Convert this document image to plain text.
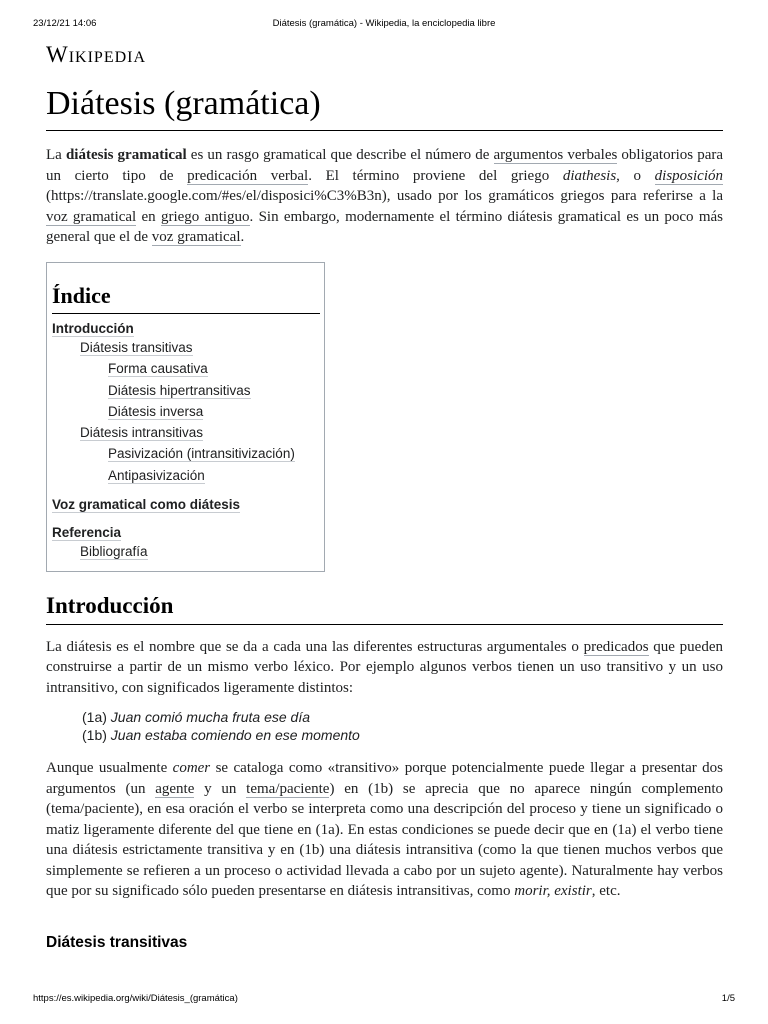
23/12/21 14:06	Diátesis (gramática) - Wikipedia, la enciclopedia libre
Wikipedia
Diátesis (gramática)

La diátesis gramatical es un rasgo gramatical que describe el número de argumentos verbales obligatorios para un cierto tipo de predicación verbal. El término proviene del griego diathesis, o disposición (https://translate.google.com/#es/el/disposici%C3%B3n), usado por los gramáticos griegos para referirse a la voz gramatical en griego antiguo. Sin embargo, modernamente el término diátesis gramatical es un poco más general que el de voz gramatical.

Índice
Introducción
Diátesis transitivas
Forma causativa
Diátesis hipertransitivas
Diátesis inversa
Diátesis intransitivas
Pasivización (intransitivización)
Antipasivización
Voz gramatical como diátesis
Referencia
Bibliografía
Introducción

La diátesis es el nombre que se da a cada una las diferentes estructuras argumentales o predicados que pueden construirse a partir de un mismo verbo léxico. Por ejemplo algunos verbos tienen un uso transitivo y un uso intransitivo, con significados ligeramente distintos:

(1a) Juan comió mucha fruta ese día
(1b) Juan estaba comiendo en ese momento

Aunque usualmente comer se cataloga como «transitivo» porque potencialmente puede llegar a presentar dos argumentos (un agente y un tema/paciente) en (1b) se aprecia que no aparece ningún complemento (tema/paciente), en esa oración el verbo se interpreta como una descripción del proceso y tiene un significado o matiz ligeramente diferente del que tiene en (1a). En estas condiciones se puede decir que en (1a) el verbo tiene una diátesis estrictamente transitiva y en (1b) una diátesis intransitiva (como la que tienen muchos verbos que simplemente se refieren a un proceso o actividad llevada a cabo por un sujeto agente). Naturalmente hay verbos que por su significado sólo pueden presentarse en diátesis intransitivas, como morir, existir, etc.

Diátesis transitivas
https://es.wikipedia.org/wiki/Diátesis_(gramática)	1/5
